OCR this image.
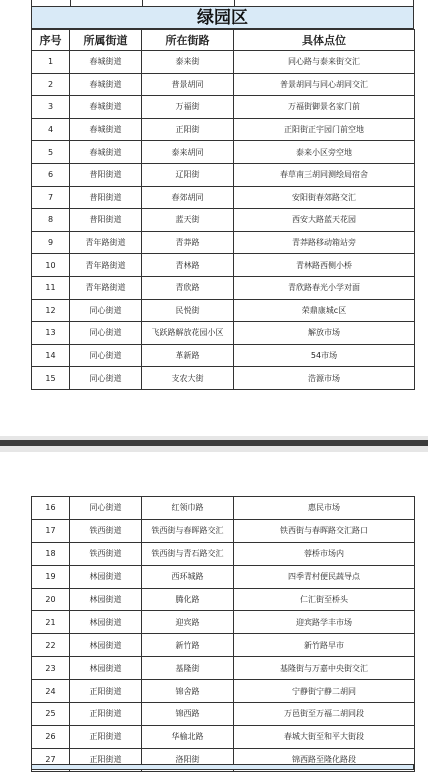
绿园区
序号	所属街道	所在街路	具体点位
1	春城街道	泰来街	同心路与泰来街交汇
2	春城街道	普景胡同	普景胡同与同心胡同交汇
3	春城街道	万福街	万福街御景名家门前
4	春城街道	正阳街	正阳街正宇园门前空地
5	春城街道	泰来胡同	泰来小区旁空地
6	普阳街道	辽阳街	春草南三胡同测绘局宿舍
7	普阳街道	春郊胡同	安阳街春郊路交汇
8	普阳街道	蓝天街	西安大路蓝天花园
9	青年路街道	青莽路	青莽路移动箱站旁
10	青年路街道	青林路	青林路西侧小桥
11	青年路街道	青欣路	青欣路春光小学对面
12	同心街道	民悦街	荣鼎康城c区
13	同心街道	飞跃路解放花园小区	解放市场
14	同心街道	革新路	54市场
15	同心街道	支农大街	浩源市场
16	同心街道	红领巾路	惠民市场
17	铁西街道	铁西街与春晖路交汇	铁西街与春晖路交汇路口
18	铁西街道	铁西街与青石路交汇	蓉桥市场内
19	林园街道	西环城路	四季青村便民蔬导点
20	林园街道	腾化路	仁汇街至桥头
21	林园街道	迎宾路	迎宾路学丰市场
22	林园街道	新竹路	新竹路早市
23	林园街道	基隆街	基隆街与万嘉中央街交汇
24	正阳街道	锦舍路	宁静街宁静二胡同
25	正阳街道	锦西路	万邑街至万福二胡同段
26	正阳街道	华榆北路	春城大街至和平大街段
27	正阳街道	洛阳街	锦西路至隆化路段
